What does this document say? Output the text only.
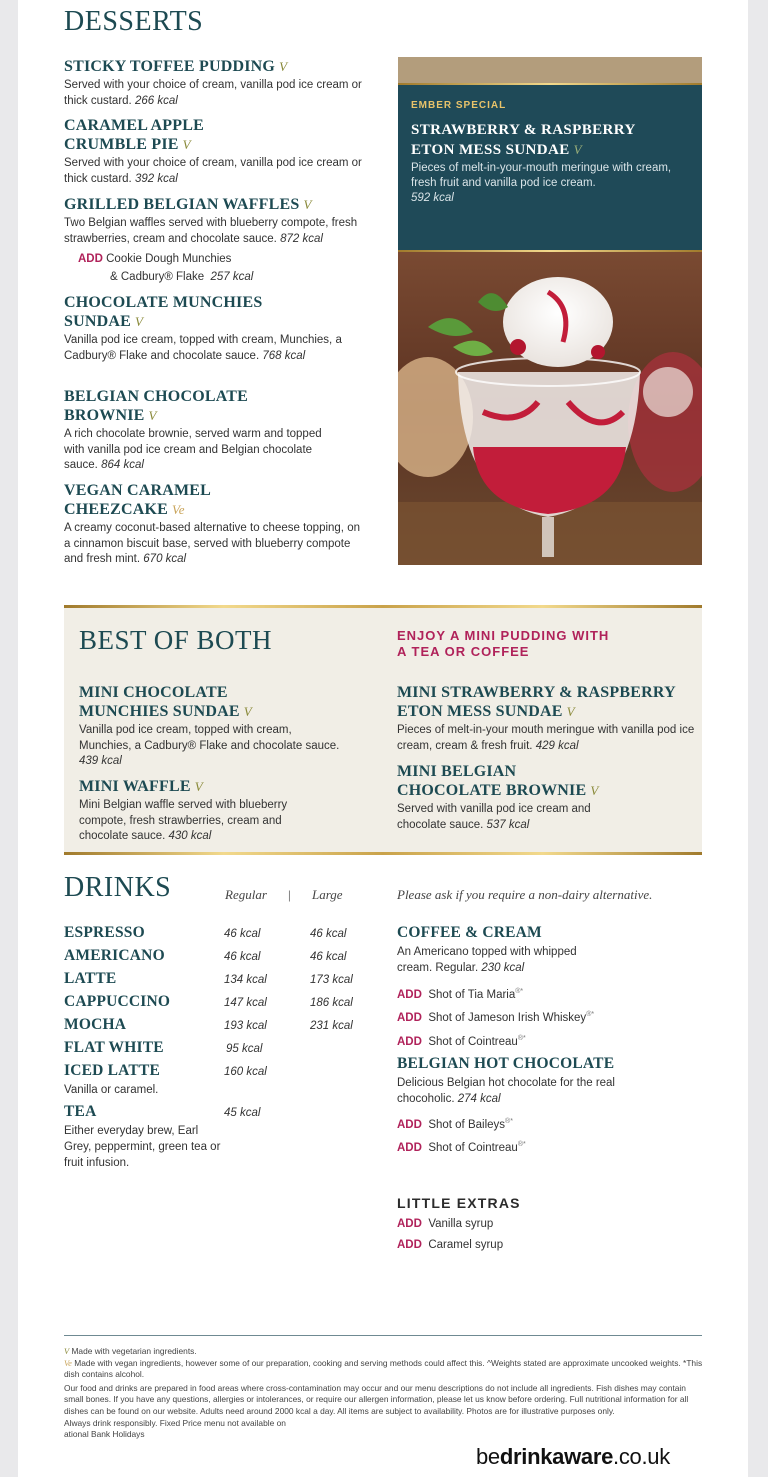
DESSERTS
STICKY TOFFEE PUDDING V
Served with your choice of cream, vanilla pod ice cream or thick custard. 266 kcal
CARAMEL APPLE
CRUMBLE PIE V
Served with your choice of cream, vanilla pod ice cream or thick custard. 392 kcal
GRILLED BELGIAN WAFFLES V
Two Belgian waffles served with blueberry compote, fresh strawberries, cream and chocolate sauce. 872 kcal
ADD Cookie Dough Munchies
& Cadbury® Flake 257 kcal
CHOCOLATE MUNCHIES
SUNDAE V
Vanilla pod ice cream, topped with cream, Munchies, a Cadbury® Flake and chocolate sauce. 768 kcal
BELGIAN CHOCOLATE
BROWNIE V
A rich chocolate brownie, served warm and topped with vanilla pod ice cream and Belgian chocolate sauce. 864 kcal
VEGAN CARAMEL
CHEEZCAKE Ve
A creamy coconut-based alternative to cheese topping, on a cinnamon biscuit base, served with blueberry compote and fresh mint. 670 kcal
EMBER SPECIAL
STRAWBERRY & RASPBERRY
ETON MESS SUNDAE V
Pieces of melt-in-your-mouth meringue with cream, fresh fruit and vanilla pod ice cream.
592 kcal
BEST OF BOTH	ENJOY A MINI PUDDING WITH
A TEA OR COFFEE
MINI CHOCOLATE
MUNCHIES SUNDAE V
Vanilla pod ice cream, topped with cream, Munchies, a Cadbury® Flake and chocolate sauce. 439 kcal
MINI WAFFLE V
Mini Belgian waffle served with blueberry compote, fresh strawberries, cream and chocolate sauce. 430 kcal
MINI STRAWBERRY & RASPBERRY
ETON MESS SUNDAE V
Pieces of melt-in-your mouth meringue with vanilla pod ice cream, cream & fresh fruit. 429 kcal
MINI BELGIAN
CHOCOLATE BROWNIE V
Served with vanilla pod ice cream and chocolate sauce. 537 kcal
DRINKS	Regular | Large	Please ask if you require a non-dairy alternative.
ESPRESSO	46 kcal	46 kcal
AMERICANO	46 kcal	46 kcal
LATTE	134 kcal	173 kcal
CAPPUCCINO	147 kcal	186 kcal
MOCHA	193 kcal	231 kcal
FLAT WHITE	95 kcal
ICED LATTE	160 kcal
Vanilla or caramel.
TEA	45 kcal
Either everyday brew, Earl Grey, peppermint, green tea or fruit infusion.
COFFEE & CREAM
An Americano topped with whipped cream. Regular. 230 kcal
ADD Shot of Tia Maria®*
ADD Shot of Jameson Irish Whiskey®*
ADD Shot of Cointreau®*
BELGIAN HOT CHOCOLATE
Delicious Belgian hot chocolate for the real chocoholic. 274 kcal
ADD Shot of Baileys®*
ADD Shot of Cointreau®*
LITTLE EXTRAS
ADD Vanilla syrup
ADD Caramel syrup
V Made with vegetarian ingredients.
Ve Made with vegan ingredients, however some of our preparation, cooking and serving methods could affect this. ^Weights stated are approximate uncooked weights. *This dish contains alcohol.
Our food and drinks are prepared in food areas where cross-contamination may occur and our menu descriptions do not include all ingredients. Fish dishes may contain small bones. If you have any questions, allergies or intolerances, or require our allergen information, please let us know before ordering. Full nutritional information for all dishes can be found on our website. Adults need around 2000 kcal a day. All items are subject to availability. Photos are for illustrative purposes only.
Always drink responsibly. Fixed Price menu not available on
ational Bank Holidays
bedrinkaware.co.uk
